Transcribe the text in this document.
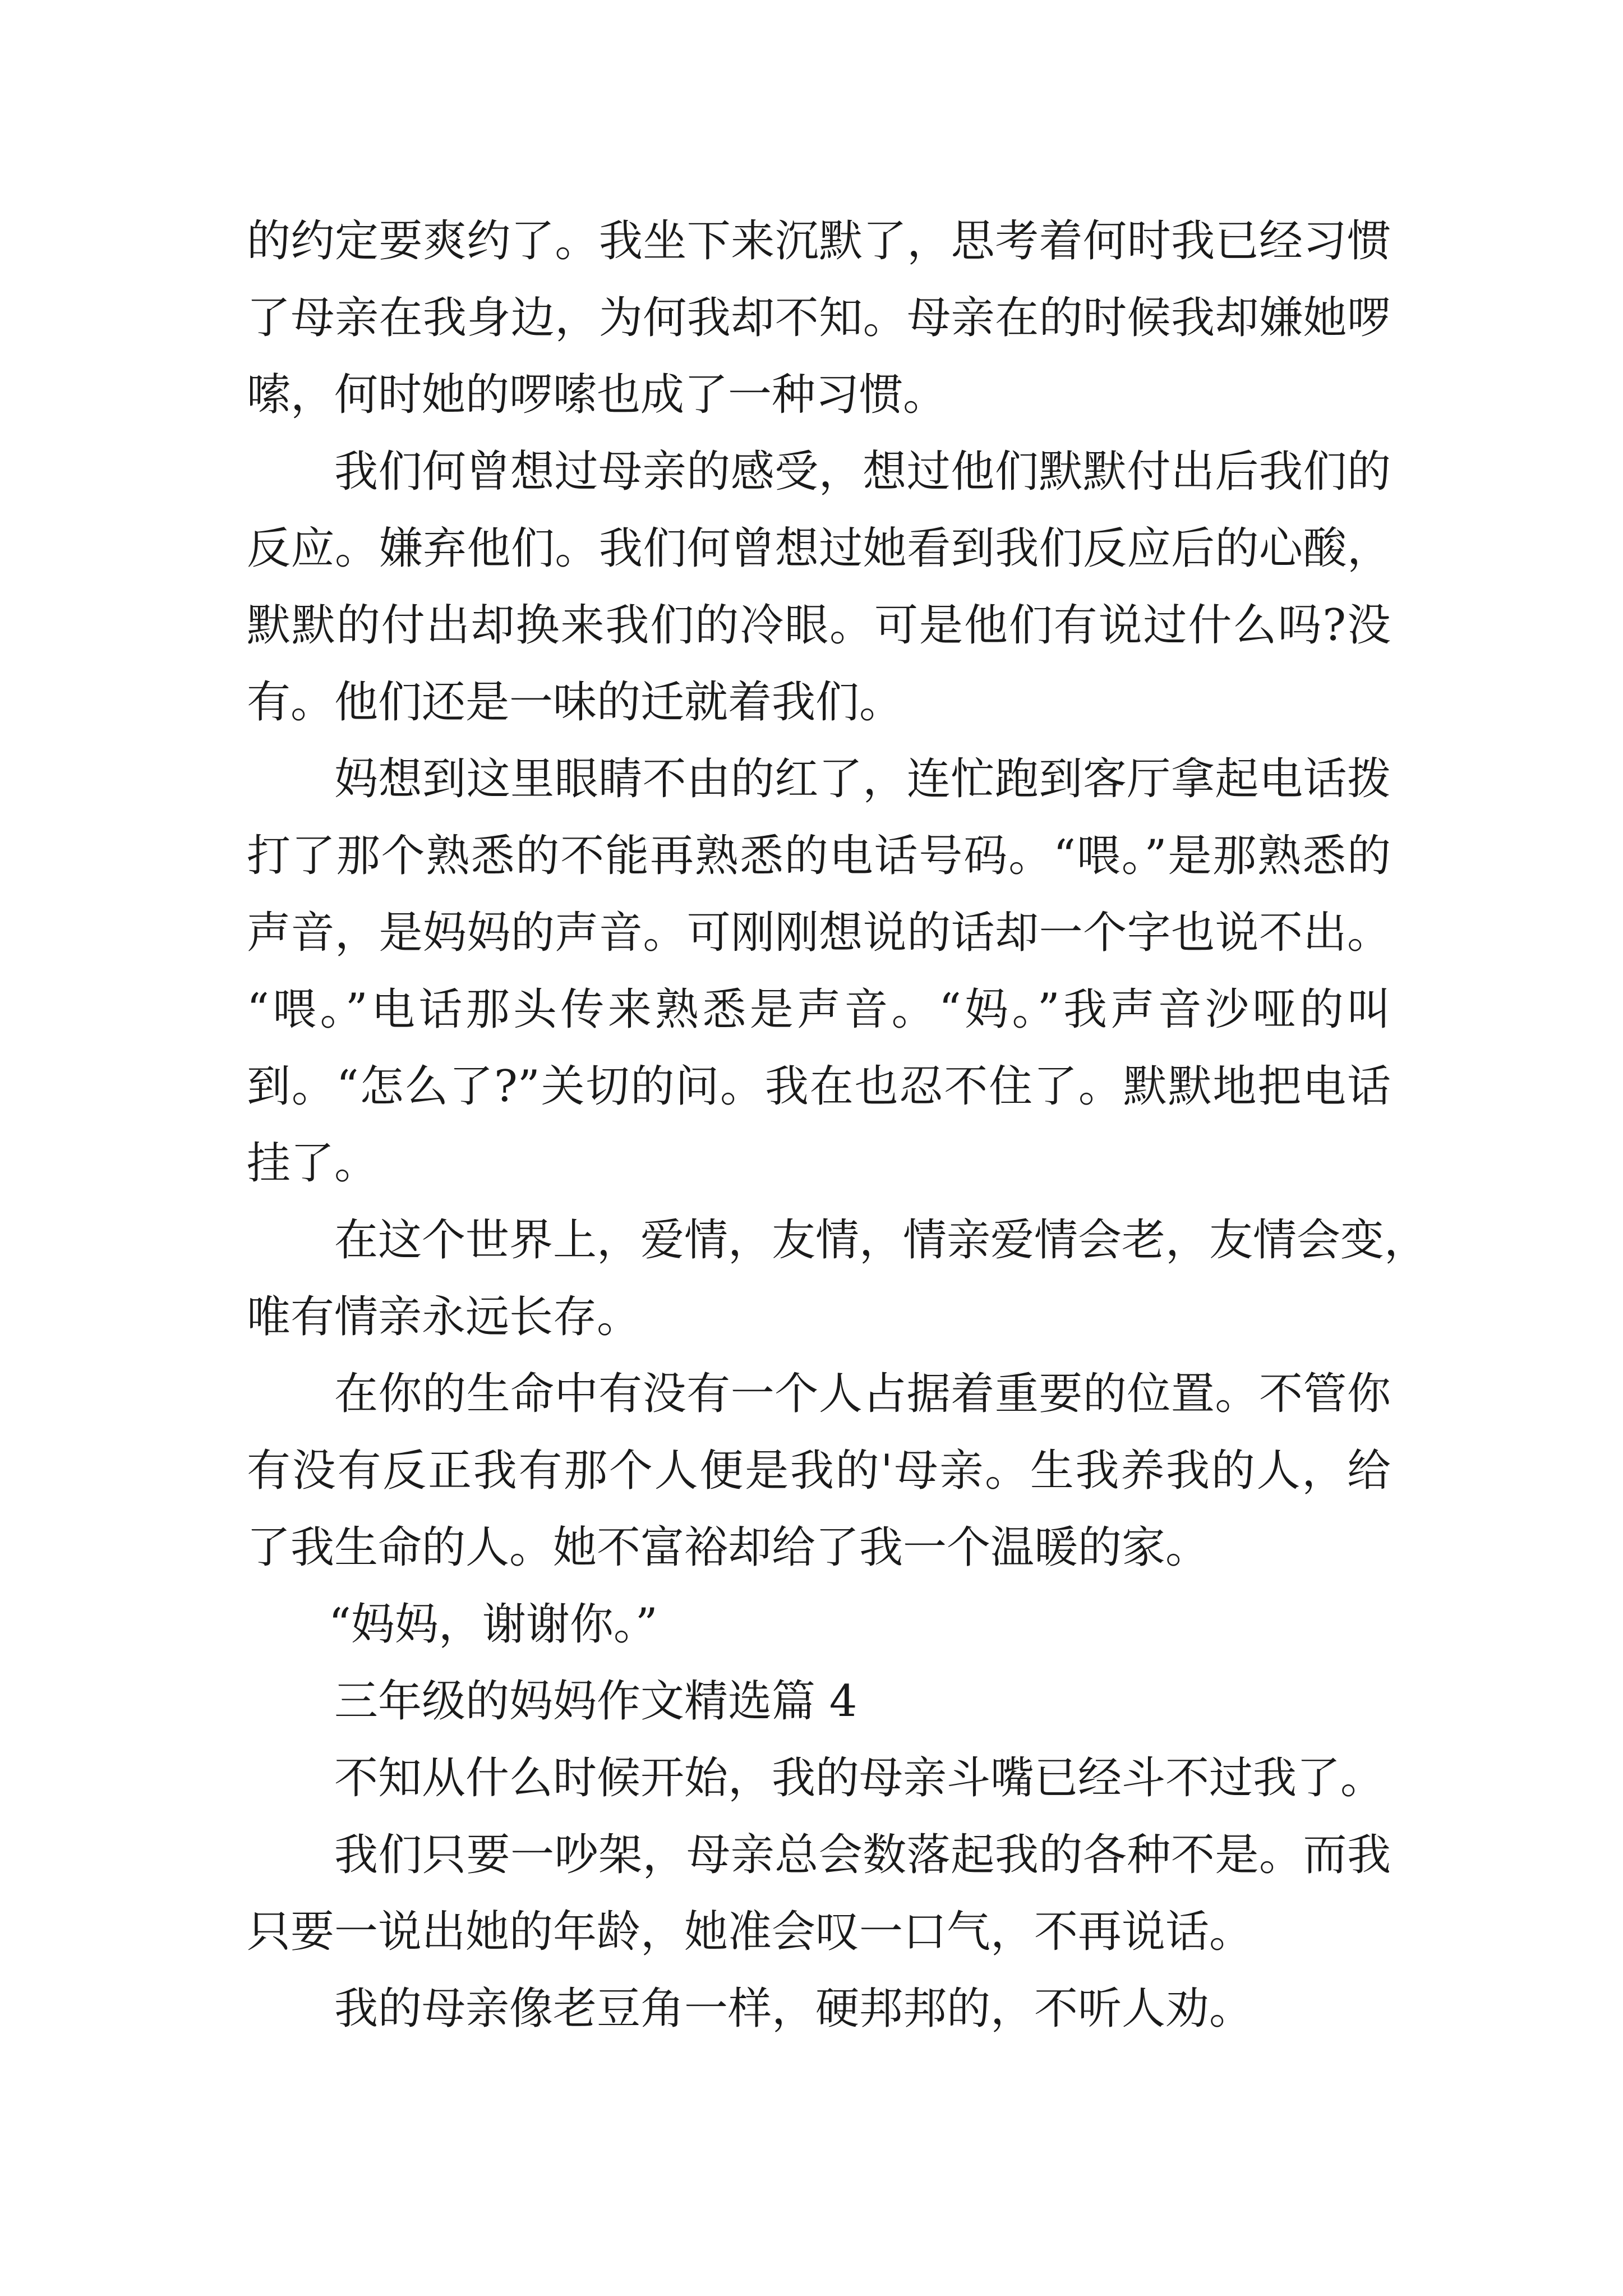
的约定要爽约了。我坐下来沉默了，思考着何时我已经习惯
了母亲在我身边，为何我却不知。母亲在的时候我却嫌她啰
嗦，何时她的啰嗦也成了一种习惯。
我们何曾想过母亲的感受，想过他们默默付出后我们的
反应。嫌弃他们。我们何曾想过她看到我们反应后的心酸，
默默的付出却换来我们的冷眼。可是他们有说过什么吗?没
有。他们还是一味的迁就着我们。
妈想到这里眼睛不由的红了，连忙跑到客厅拿起电话拨
打了那个熟悉的不能再熟悉的电话号码。“喂。”是那熟悉的
声音，是妈妈的声音。可刚刚想说的话却一个字也说不出。
“喂。”电话那头传来熟悉是声音。“妈。”我声音沙哑的叫
到。“怎么了?”关切的问。我在也忍不住了。默默地把电话
挂了。
在这个世界上，爱情，友情，情亲爱情会老，友情会变，
唯有情亲永远长存。
在你的生命中有没有一个人占据着重要的位置。不管你
有没有反正我有那个人便是我的'母亲。生我养我的人，给
了我生命的人。她不富裕却给了我一个温暖的家。
“妈妈，谢谢你。”
三年级的妈妈作文精选篇 4
不知从什么时候开始，我的母亲斗嘴已经斗不过我了。
我们只要一吵架，母亲总会数落起我的各种不是。而我
只要一说出她的年龄，她准会叹一口气，不再说话。
我的母亲像老豆角一样，硬邦邦的，不听人劝。
